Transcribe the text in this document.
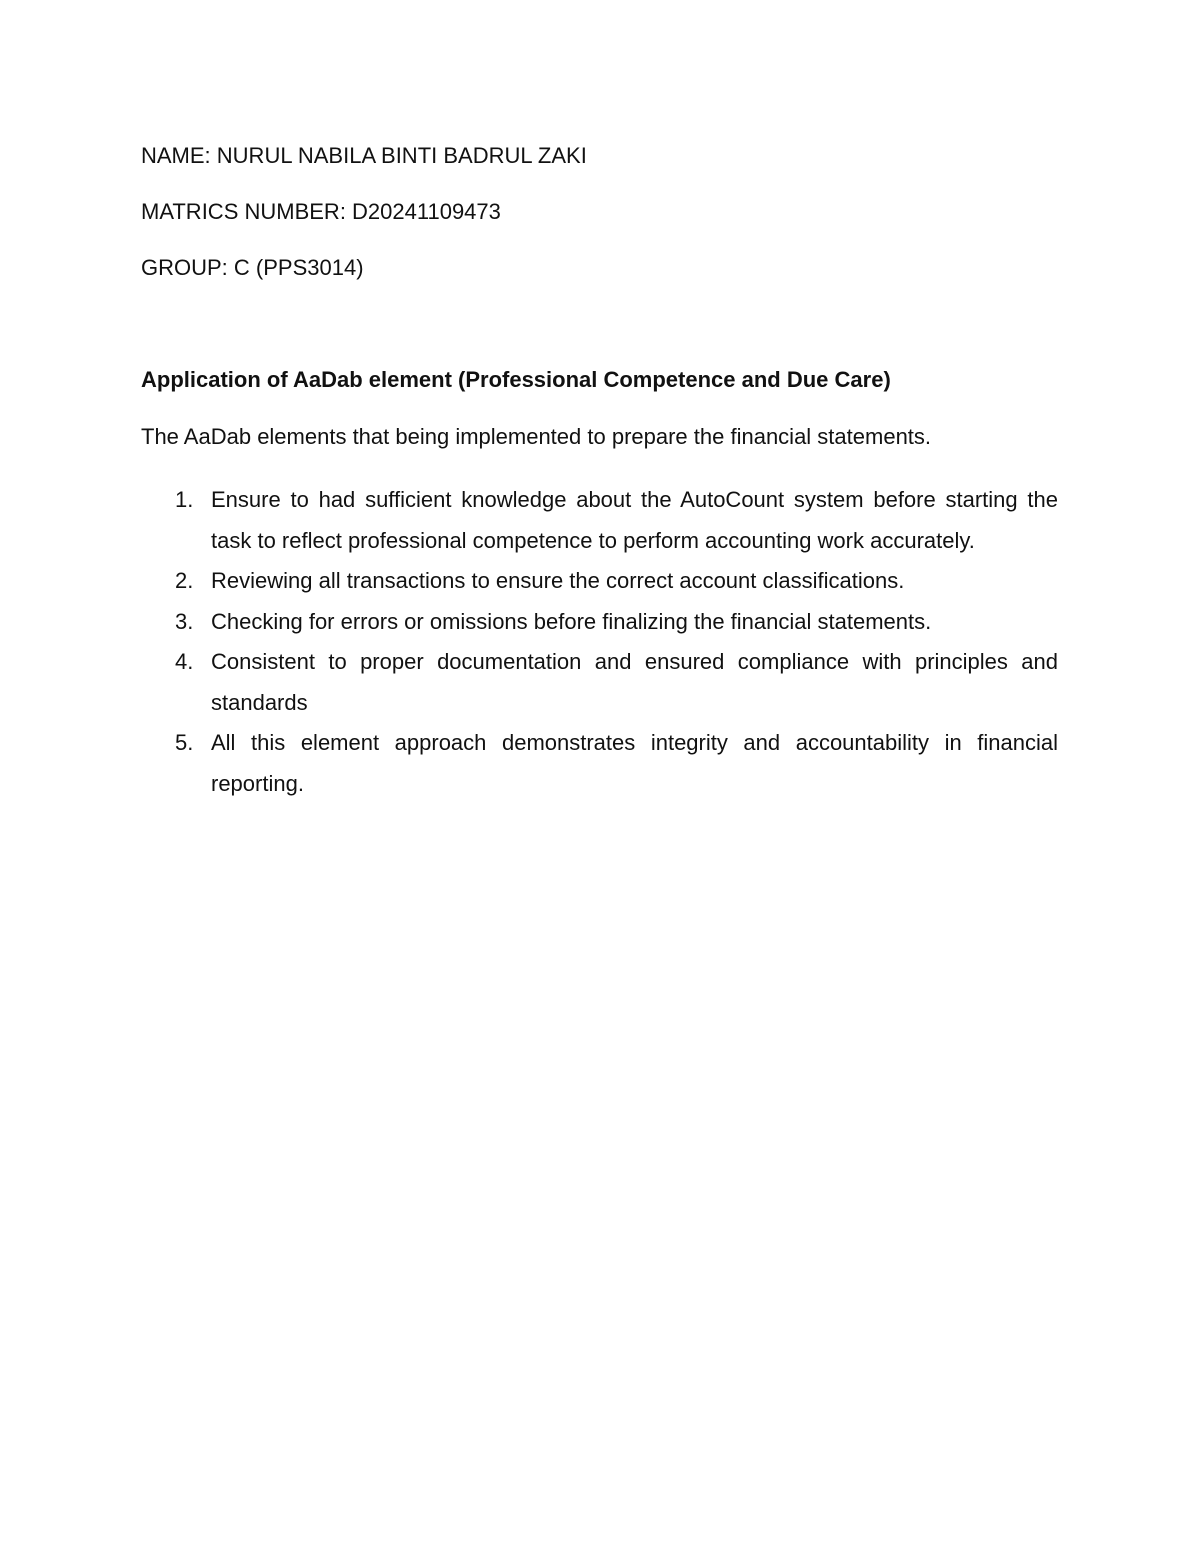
NAME: NURUL NABILA BINTI BADRUL ZAKI
MATRICS NUMBER: D20241109473
GROUP: C (PPS3014)
Application of AaDab element (Professional Competence and Due Care)
The AaDab elements that being implemented to prepare the financial statements.
1. Ensure to had sufficient knowledge about the AutoCount system before starting the task to reflect professional competence to perform accounting work accurately.
2. Reviewing all transactions to ensure the correct account classifications.
3. Checking for errors or omissions before finalizing the financial statements.
4. Consistent to proper documentation and ensured compliance with principles and standards
5. All this element approach demonstrates integrity and accountability in financial reporting.
